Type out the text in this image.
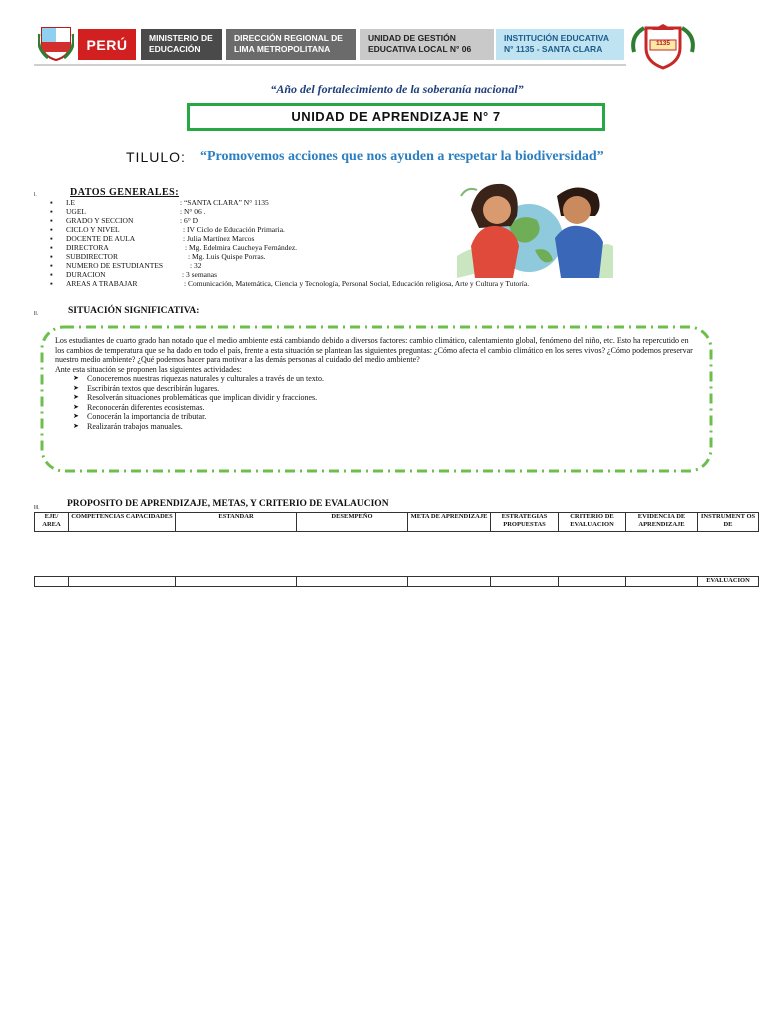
PERÚ	MINISTERIO DE
EDUCACIÓN
DIRECCIÓN REGIONAL DE
LIMA METROPOLITANA
UNIDAD DE GESTIÓN
EDUCATIVA LOCAL N° 06
INSTITUCIÓN EDUCATIVA
N° 1135 - SANTA CLARA
1135
“Año del fortalecimiento de la soberanía nacional”
UNIDAD DE APRENDIZAJE N° 7
TILULO: “Promovemos acciones que nos ayuden a respetar la biodiversidad”
I.	DATOS GENERALES:
▪ I.E	: “SANTA CLARA” N° 1135
▪ UGEL	: N° 06 .
▪ GRADO Y SECCION	: 6° D
▪ CICLO Y NIVEL	: IV Ciclo de Educación Primaria.
▪ DOCENTE DE AULA	: Julia Martínez Marcos
▪ DIRECTORA	: Mg. Edelmira Caucheya Fernández.
▪ SUBDIRECTOR	: Mg. Luis Quispe Porras.
▪ NUMERO DE ESTUDIANTES	: 32
▪ DURACION	: 3 semanas
▪ AREAS A TRABAJAR	: Comunicación, Matemática, Ciencia y Tecnología, Personal Social, Educación religiosa, Arte y Cultura y Tutoría.
II.	SITUACIÓN SIGNIFICATIVA:

Los estudiantes de cuarto grado han notado que el medio ambiente está cambiando debido a diversos factores: cambio climático, calentamiento global, fenómeno del niño, etc. Esto ha repercutido en los cambios de temperatura que se ha dado en todo el país, frente a esta situación se plantean las siguientes preguntas: ¿Cómo afecta el cambio climático en los seres vivos? ¿Cómo podemos preservar nuestro medio ambiente? ¿Qué podemos hacer para motivar a las demás personas al cuidado del medio ambiente?

Ante esta situación se proponen las siguientes actividades:

➤ Conoceremos nuestras riquezas naturales y culturales a través de un texto.
➤ Escribirán textos que describirán lugares.
➤ Resolverán situaciones problemáticas que implican dividir y fracciones.
➤ Reconocerán diferentes ecosistemas.
➤ Conocerán la importancia de tributar.
➤ Realizarán trabajos manuales.
III.	PROPOSITO DE APRENDIZAJE, METAS, Y CRITERIO DE EVALAUCION
EJE/ AREA	COMPETENCIAS CAPACIDADES	ESTANDAR	DESEMPEÑO	META DE APRENDIZAJE	ESTRATEGIAS PROPUESTAS	CRITERIO DE EVALUACION	EVIDENCIA DE APRENDIZAJE	INSTRUMENT OS DE
								EVALUACION
